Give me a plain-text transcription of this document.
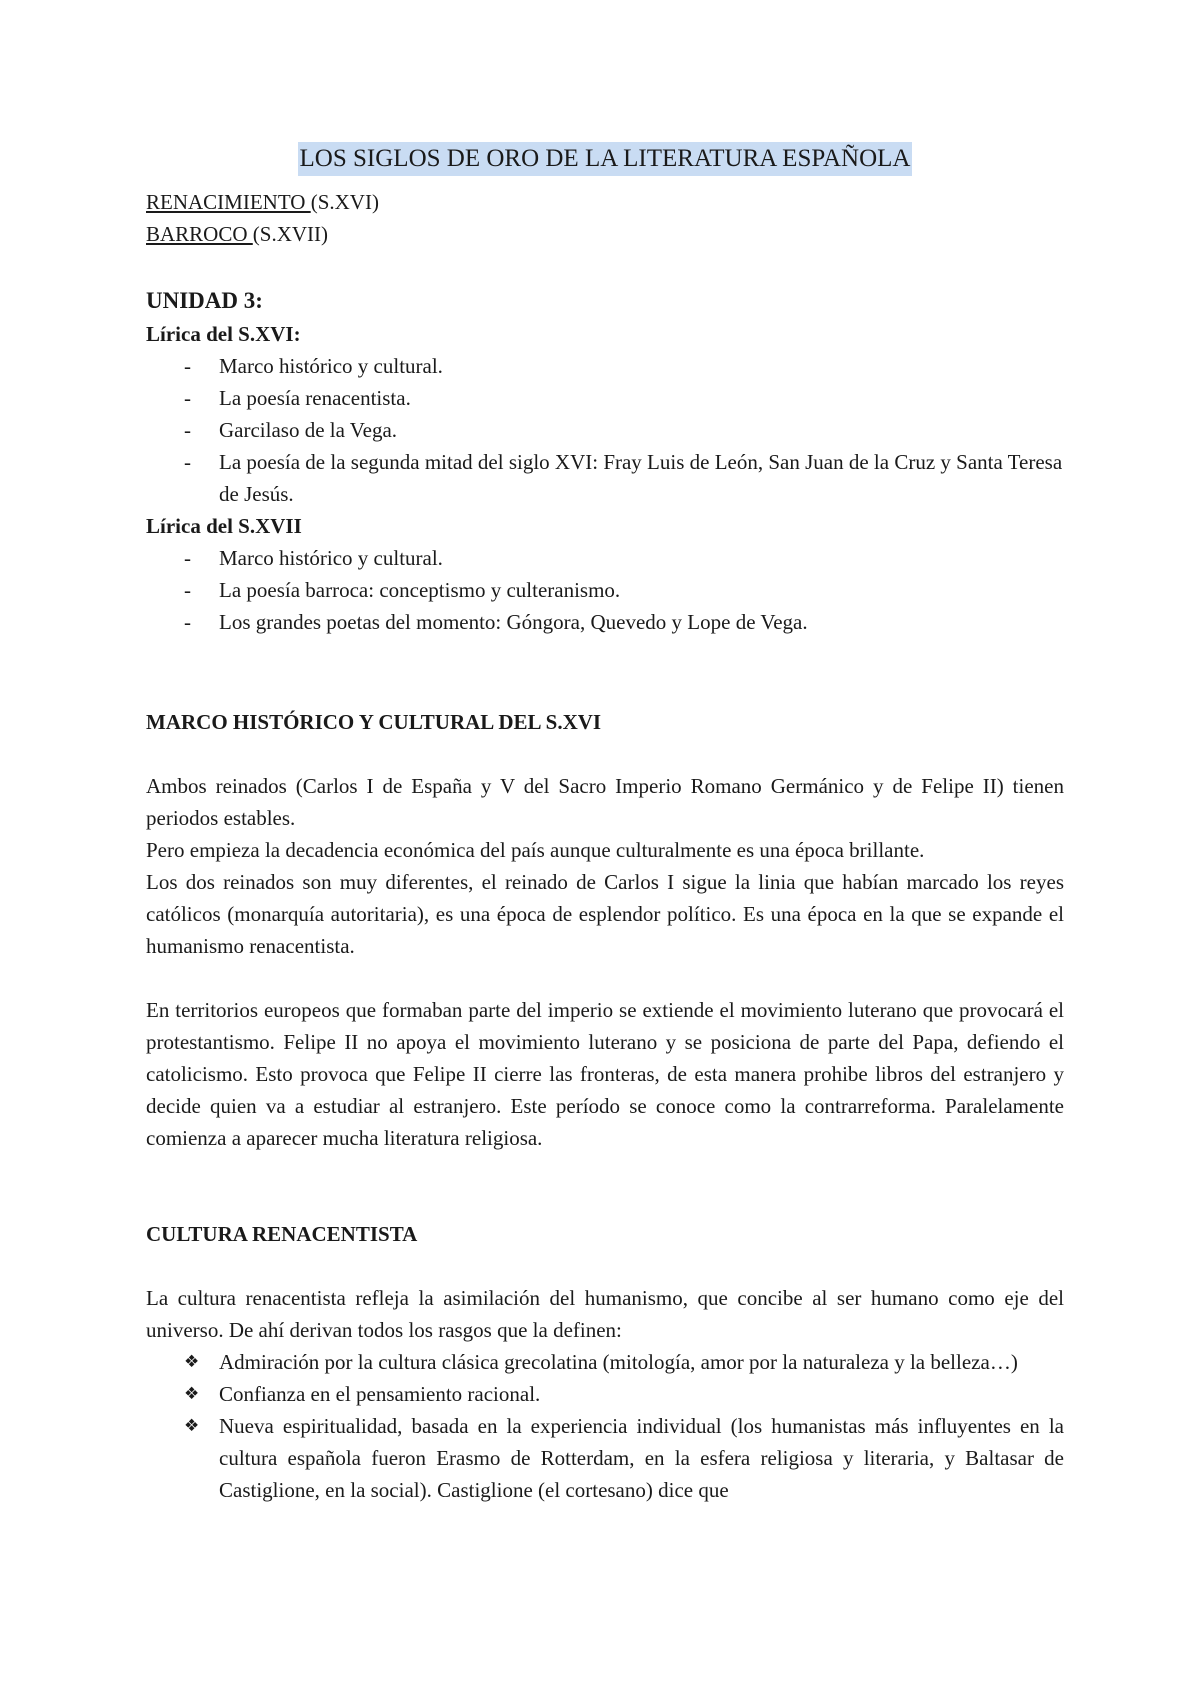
LOS SIGLOS DE ORO DE LA LITERATURA ESPAÑOLA
RENACIMIENTO (S.XVI)
BARROCO (S.XVII)
UNIDAD 3:
Lírica del S.XVI:
- Marco histórico y cultural.
- La poesía renacentista.
- Garcilaso de la Vega.
- La poesía de la segunda mitad del siglo XVI: Fray Luis de León, San Juan de la Cruz y Santa Teresa de Jesús.
Lírica del S.XVII
- Marco histórico y cultural.
- La poesía barroca: conceptismo y culteranismo.
- Los grandes poetas del momento: Góngora, Quevedo y Lope de Vega.
MARCO HISTÓRICO Y CULTURAL DEL S.XVI

Ambos reinados (Carlos I de España y V del Sacro Imperio Romano Germánico y de Felipe II) tienen periodos estables.

Pero empieza la decadencia económica del país aunque culturalmente es una época brillante.

Los dos reinados son muy diferentes, el reinado de Carlos I sigue la linia que habían marcado los reyes católicos (monarquía autoritaria), es una época de esplendor político. Es una época en la que se expande el humanismo renacentista.

En territorios europeos que formaban parte del imperio se extiende el movimiento luterano que provocará el protestantismo. Felipe II no apoya el movimiento luterano y se posiciona de parte del Papa, defiendo el catolicismo. Esto provoca que Felipe II cierre las fronteras, de esta manera prohibe libros del estranjero y decide quien va a estudiar al estranjero. Este período se conoce como la contrarreforma. Paralelamente comienza a aparecer mucha literatura religiosa.

CULTURA RENACENTISTA

La cultura renacentista refleja la asimilación del humanismo, que concibe al ser humano como eje del universo. De ahí derivan todos los rasgos que la definen:

❖ Admiración por la cultura clásica grecolatina (mitología, amor por la naturaleza y la belleza…)
❖ Confianza en el pensamiento racional.
❖ Nueva espiritualidad, basada en la experiencia individual (los humanistas más influyentes en la cultura española fueron Erasmo de Rotterdam, en la esfera religiosa y literaria, y Baltasar de Castiglione, en la social). Castiglione (el cortesano) dice que
